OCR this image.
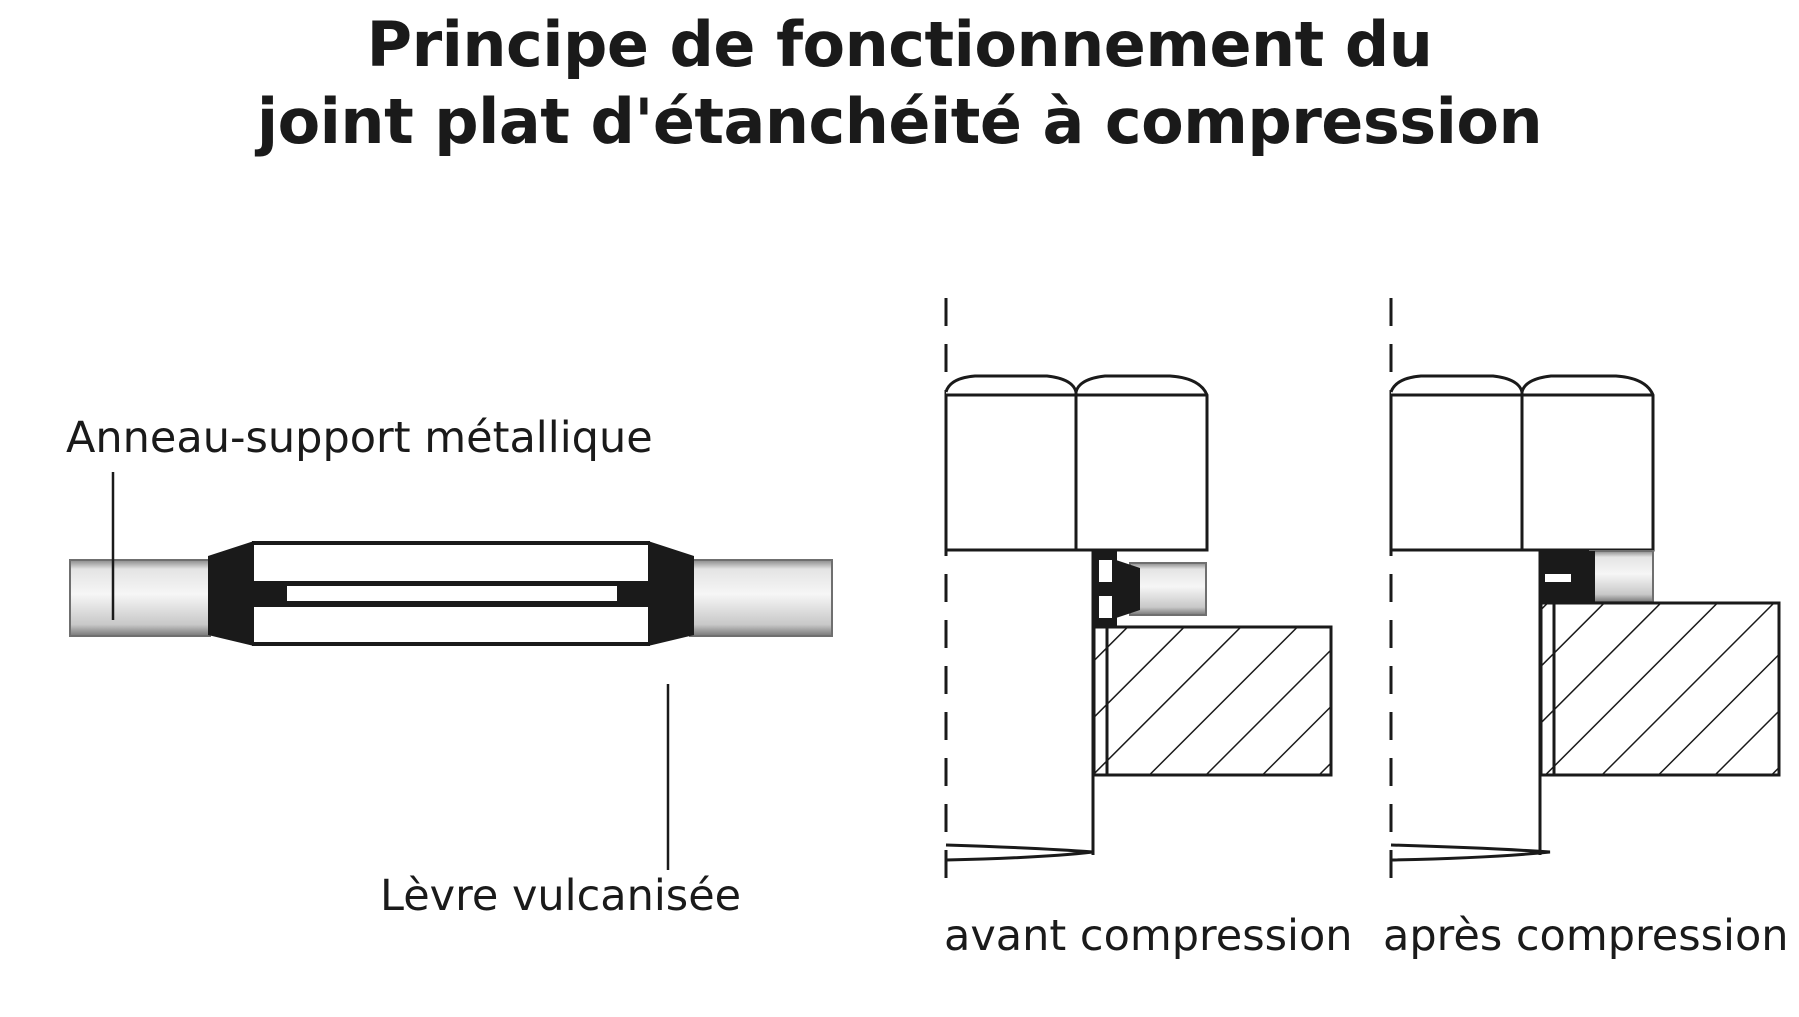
Principe de fonctionnement du
joint plat d'étanchéité à compression
Anneau-support métallique
Lèvre vulcanisée
avant compression après compression
